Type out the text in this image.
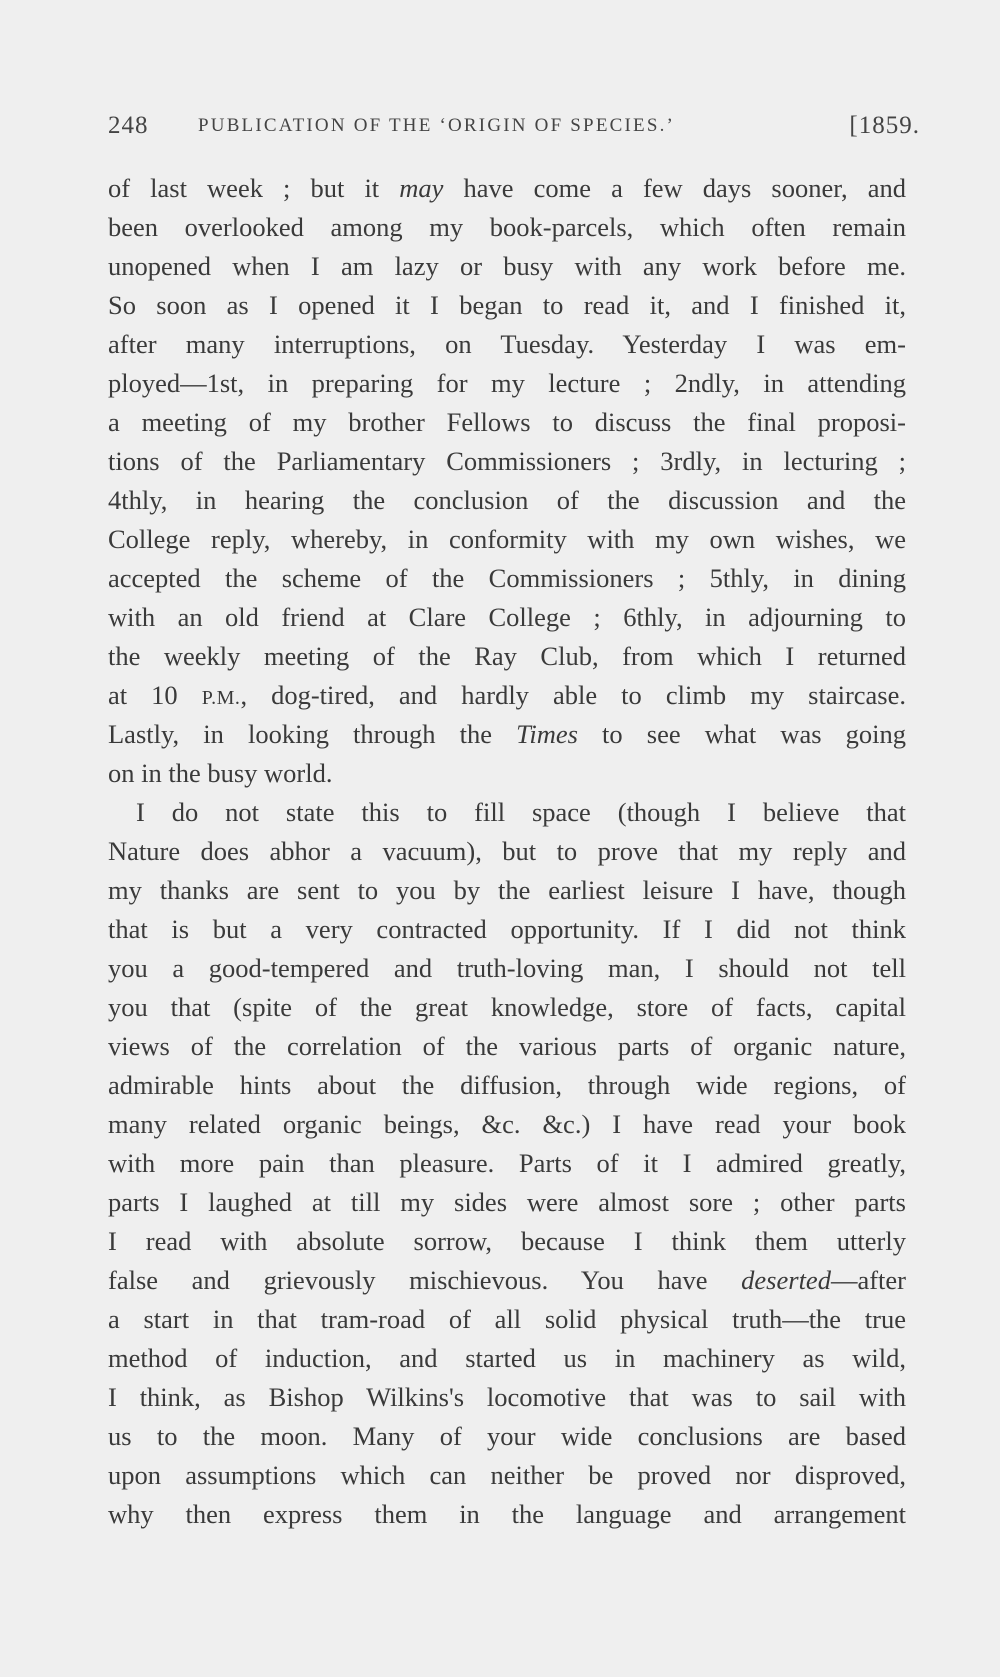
248	PUBLICATION OF THE ‘ORIGIN OF SPECIES.’	[1859.
of last week ; but it may have come a few days sooner, and
been overlooked among my book-parcels, which often remain
unopened when I am lazy or busy with any work before me.
So soon as I opened it I began to read it, and I finished it,
after many interruptions, on Tuesday. Yesterday I was em-
ployed—1st, in preparing for my lecture ; 2ndly, in attending
a meeting of my brother Fellows to discuss the final proposi-
tions of the Parliamentary Commissioners ; 3rdly, in lecturing ;
4thly, in hearing the conclusion of the discussion and the
College reply, whereby, in conformity with my own wishes, we
accepted the scheme of the Commissioners ; 5thly, in dining
with an old friend at Clare College ; 6thly, in adjourning to
the weekly meeting of the Ray Club, from which I returned
at 10 P.M., dog-tired, and hardly able to climb my staircase.
Lastly, in looking through the Times to see what was going
on in the busy world.
I do not state this to fill space (though I believe that
Nature does abhor a vacuum), but to prove that my reply and
my thanks are sent to you by the earliest leisure I have, though
that is but a very contracted opportunity. If I did not think
you a good-tempered and truth-loving man, I should not tell
you that (spite of the great knowledge, store of facts, capital
views of the correlation of the various parts of organic nature,
admirable hints about the diffusion, through wide regions, of
many related organic beings, &c. &c.) I have read your book
with more pain than pleasure. Parts of it I admired greatly,
parts I laughed at till my sides were almost sore ; other parts
I read with absolute sorrow, because I think them utterly
false and grievously mischievous. You have deserted—after
a start in that tram-road of all solid physical truth—the true
method of induction, and started us in machinery as wild,
I think, as Bishop Wilkins's locomotive that was to sail with
us to the moon. Many of your wide conclusions are based
upon assumptions which can neither be proved nor disproved,
why then express them in the language and arrangement
